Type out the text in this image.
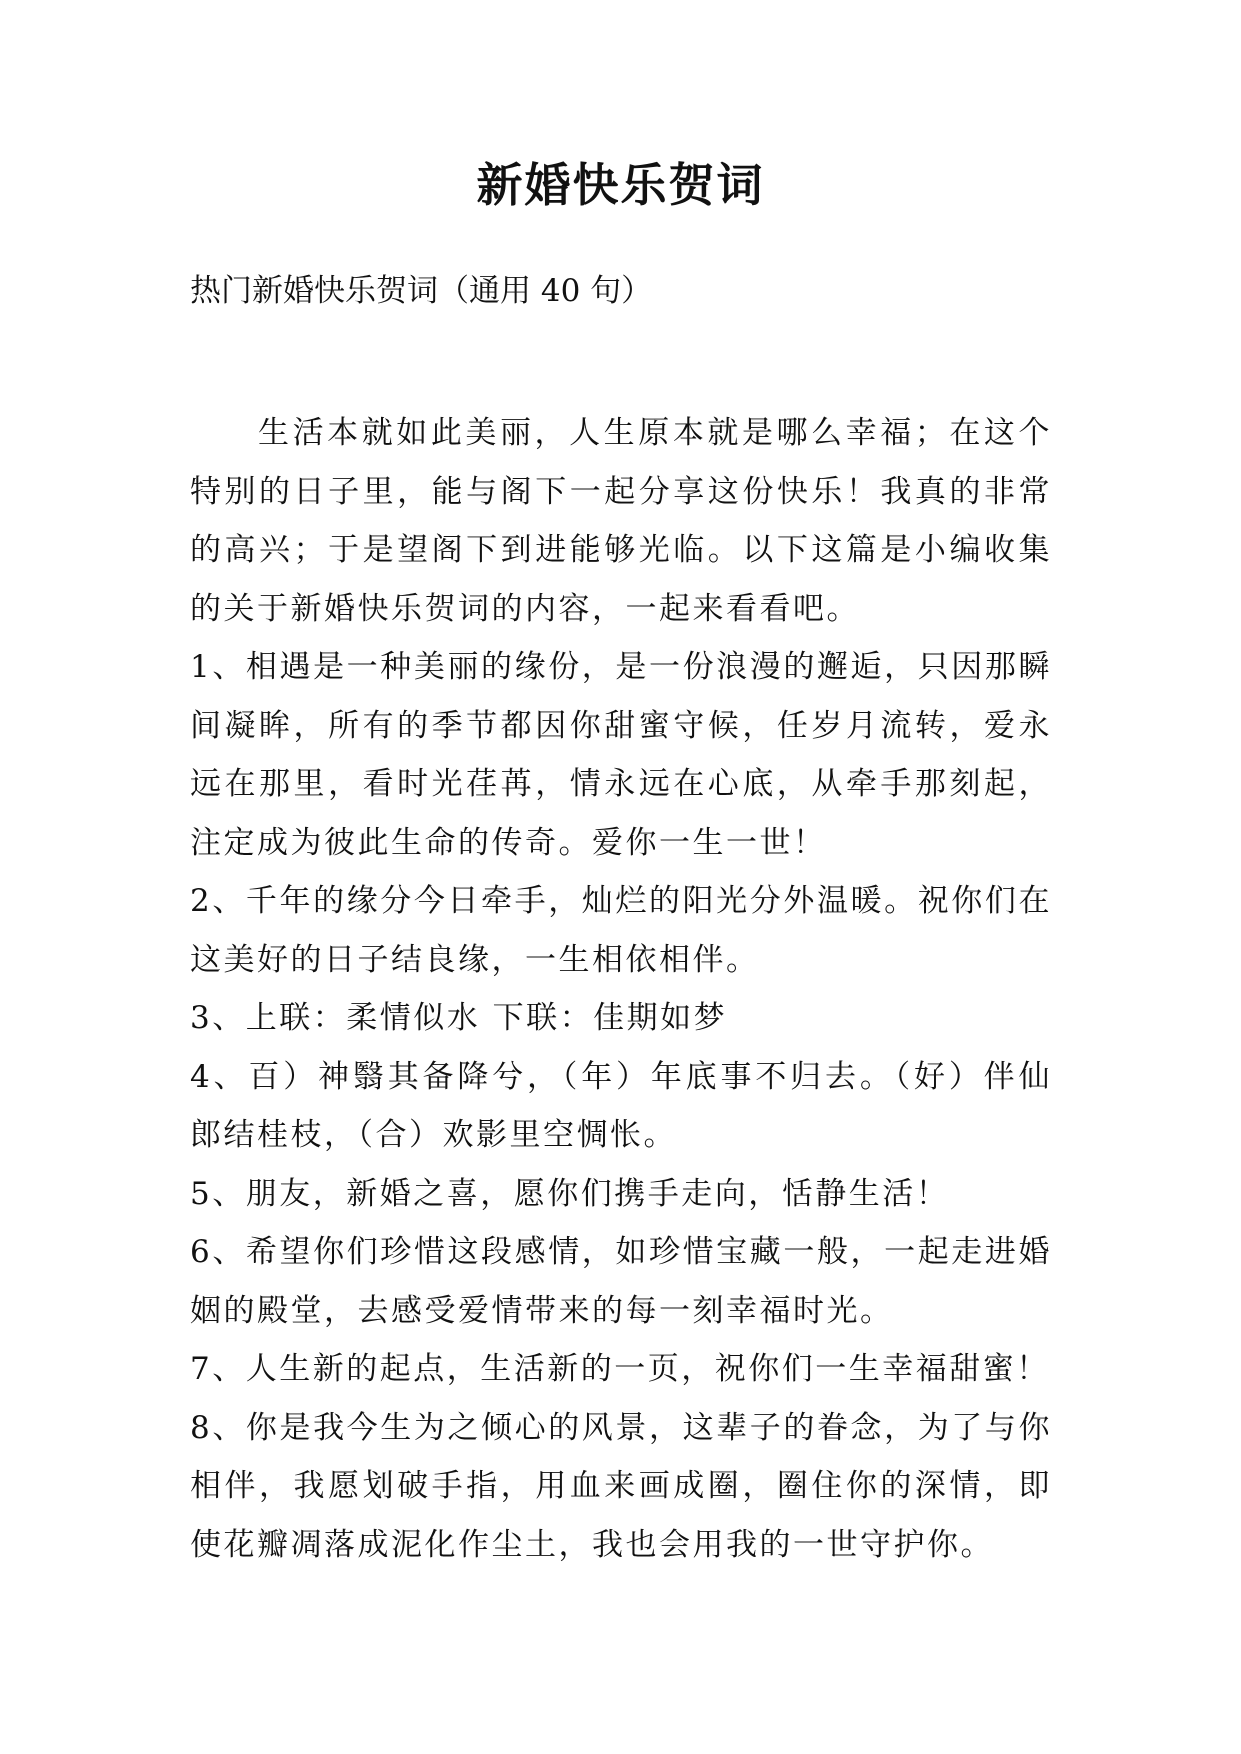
新婚快乐贺词

热门新婚快乐贺词（通用 40 句）

生活本就如此美丽，人生原本就是哪么幸福；在这个特别的日子里，能与阁下一起分享这份快乐！我真的非常的高兴；于是望阁下到进能够光临。以下这篇是小编收集的关于新婚快乐贺词的内容，一起来看看吧。

1、相遇是一种美丽的缘份，是一份浪漫的邂逅，只因那瞬间凝眸，所有的季节都因你甜蜜守候，任岁月流转，爱永远在那里，看时光荏苒，情永远在心底，从牵手那刻起，注定成为彼此生命的传奇。爱你一生一世！

2、千年的缘分今日牵手，灿烂的阳光分外温暖。祝你们在这美好的日子结良缘，一生相依相伴。

3、上联：柔情似水 下联：佳期如梦

4、百）神翳其备降兮，（年）年底事不归去。（好）伴仙郎结桂枝，（合）欢影里空惆怅。

5、朋友，新婚之喜，愿你们携手走向，恬静生活！

6、希望你们珍惜这段感情，如珍惜宝藏一般，一起走进婚姻的殿堂，去感受爱情带来的每一刻幸福时光。

7、人生新的起点，生活新的一页，祝你们一生幸福甜蜜！

8、你是我今生为之倾心的风景，这辈子的眷念，为了与你相伴，我愿划破手指，用血来画成圈，圈住你的深情，即使花瓣凋落成泥化作尘土，我也会用我的一世守护你。
